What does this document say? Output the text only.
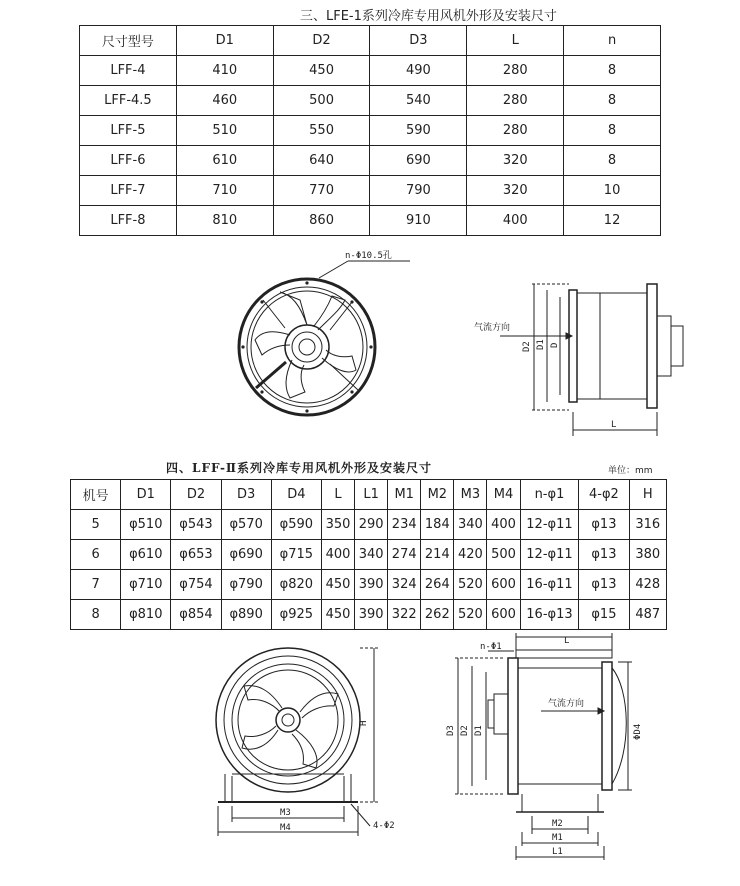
三、LFE-1系列冷库专用风机外形及安装尺寸
尺寸型号	D1	D2	D3	L	n
LFF-4	410	450	490	280	8
LFF-4.5	460	500	540	280	8
LFF-5	510	550	590	280	8
LFF-6	610	640	690	320	8
LFF-7	710	770	790	320	10
LFF-8	810	860	910	400	12
n-Φ10.5孔
气流方向
D2 D1 D
L
四、LFF-Ⅱ系列冷库专用风机外形及安装尺寸	单位：mm
机号	D1	D2	D3	D4	L	L1	M1	M2	M3	M4	n-φ1	4-φ2	H
5	φ510	φ543	φ570	φ590	350	290	234	184	340	400	12-φ11	φ13	316
6	φ610	φ653	φ690	φ715	400	340	274	214	420	500	12-φ11	φ13	380
7	φ710	φ754	φ790	φ820	450	390	324	264	520	600	16-φ11	φ13	428
8	φ810	φ854	φ890	φ925	450	390	322	262	520	600	16-φ13	φ15	487
H
M3
M4	4-Φ2
L
n-Φ1
气流方向
D3 D2 D1	ΦD4
M2
M1
L1
